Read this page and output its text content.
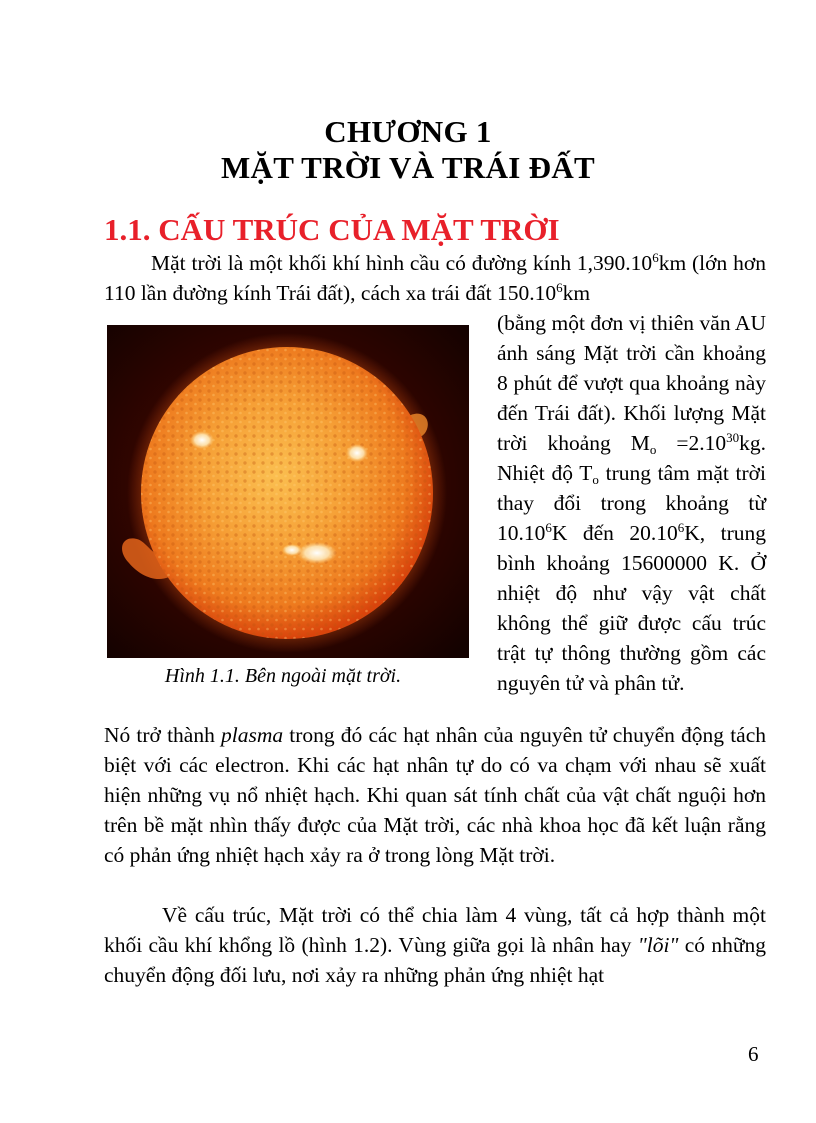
CHƯƠNG 1
MẶT TRỜI VÀ TRÁI ĐẤT
1.1. CẤU TRÚC CỦA MẶT TRỜI
Mặt trời là một khối khí hình cầu có đường kính 1,390.10$^6$km (lớn hơn 110 lần đường kính Trái đất), cách xa trái đất 150.10$^6$km
Hình 1.1. Bên ngoài mặt trời.
(bằng một đơn vị thiên văn AU ánh sáng Mặt trời cần khoảng 8 phút để vượt qua khoảng này đến Trái đất). Khối lượng Mặt trời khoảng $M_o =2.10^{30}kg$. Nhiệt độ $T_o$ trung tâm mặt trời thay đổi trong khoảng từ 10.10$^6$K đến 20.10$^6$K, trung bình khoảng 15600000 K. Ở nhiệt độ như vậy vật chất không thể giữ được cấu trúc trật tự thông thường gồm các nguyên tử và phân tử.
Nó trở thành plasma trong đó các hạt nhân của nguyên tử chuyển động tách biệt với các electron. Khi các hạt nhân tự do có va chạm với nhau sẽ xuất hiện những vụ nổ nhiệt hạch. Khi quan sát tính chất của vật chất nguội hơn trên bề mặt nhìn thấy được của Mặt trời, các nhà khoa học đã kết luận rằng có phản ứng nhiệt hạch xảy ra ở trong lòng Mặt trời.
Về cấu trúc, Mặt trời có thể chia làm 4 vùng, tất cả hợp thành một khối cầu khí khổng lồ (hình 1.2). Vùng giữa gọi là nhân hay "lõi" có những chuyển động đối lưu, nơi xảy ra những phản ứng nhiệt hạt
6
